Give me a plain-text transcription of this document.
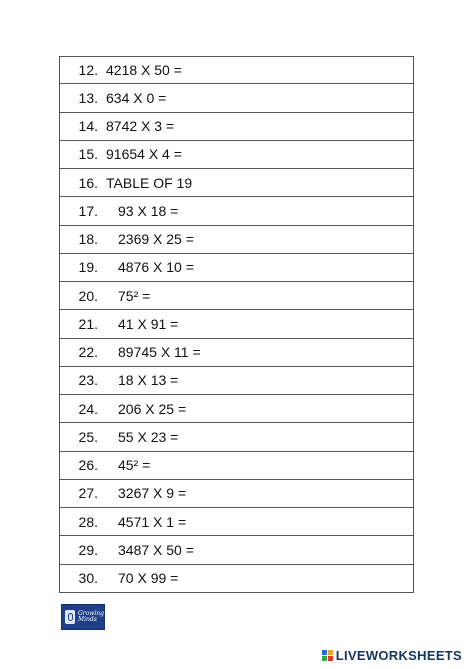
12. 4218 X 50 =
13. 634 X 0 =
14. 8742 X 3 =
15. 91654 X 4 =
16. TABLE OF 19
17.	93 X 18 =
18.	2369 X 25 =
19.	4876 X 10 =
20.	75² =
21.	41 X 91 =
22.	89745 X 11 =
23.	18 X 13 =
24.	206 X 25 =
25.	55 X 23 =
26.	45² =
27.	3267 X 9 =
28.	4571 X 1 =
29.	3487 X 50 =
30.	70 X 99 =
Growing
Minds
LIVEWORKSHEETS
